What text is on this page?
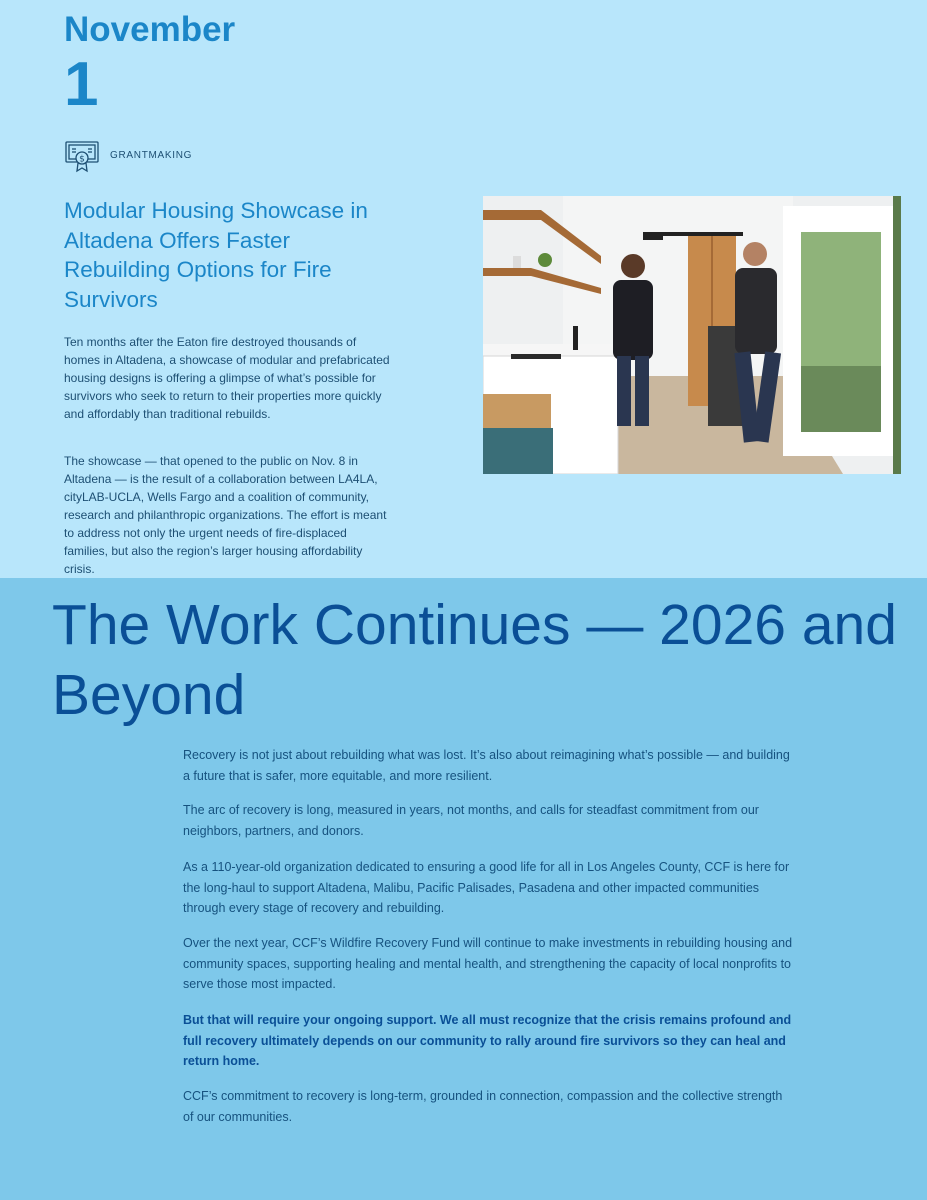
November
1
$	GRANTMAKING
Modular Housing Showcase in Altadena Offers Faster Rebuilding Options for Fire Survivors

Ten months after the Eaton fire destroyed thousands of homes in Altadena, a showcase of modular and prefabricated housing designs is offering a glimpse of what’s possible for survivors who seek to return to their properties more quickly and affordably than traditional rebuilds.

The showcase — that opened to the public on Nov. 8 in Altadena — is the result of a collaboration between LA4LA, cityLAB-UCLA, Wells Fargo and a coalition of community, research and philanthropic organizations. The effort is meant to address not only the urgent needs of fire-displaced families, but also the region’s larger housing affordability crisis.

The Work Continues — 2026 and Beyond

Recovery is not just about rebuilding what was lost. It’s also about reimagining what’s possible — and building a future that is safer, more equitable, and more resilient.

The arc of recovery is long, measured in years, not months, and calls for steadfast commitment from our neighbors, partners, and donors.

As a 110-year-old organization dedicated to ensuring a good life for all in Los Angeles County, CCF is here for the long-haul to support Altadena, Malibu, Pacific Palisades, Pasadena and other impacted communities through every stage of recovery and rebuilding.

Over the next year, CCF’s Wildfire Recovery Fund will continue to make investments in rebuilding housing and community spaces, supporting healing and mental health, and strengthening the capacity of local nonprofits to serve those most impacted.

But that will require your ongoing support. We all must recognize that the crisis remains profound and full recovery ultimately depends on our community to rally around fire survivors so they can heal and return home.

CCF’s commitment to recovery is long-term, grounded in connection, compassion and the collective strength of our communities.
